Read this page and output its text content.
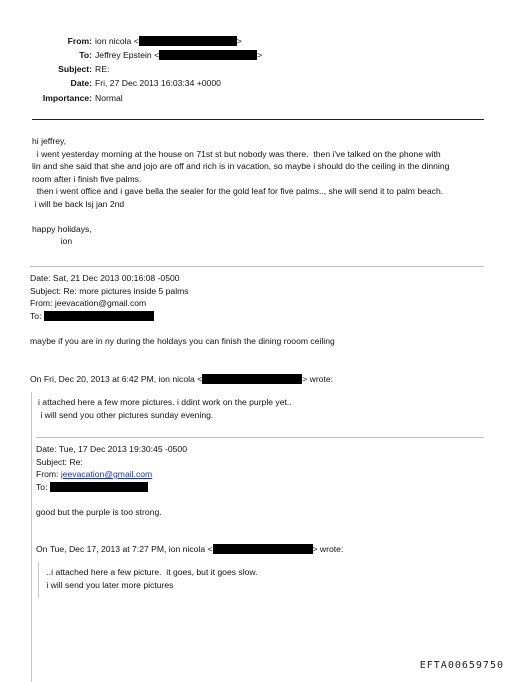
From: ion nicola <	>
To: Jeffrey Epstein <	>
Subject: RE:
Date: Fri, 27 Dec 2013 16:03:34 +0000
Importance: Normal
hi jeffrey,
i went yesterday morning at the house on 71st st but nobody was there.  then i've talked on the phone with
lin and she said that she and jojo are off and rich is in vacation, so maybe i should do the ceiling in the dinning
room after i finish five palms.
then i went office and i gave bella the sealer for the gold leaf for five palms.., she will send it to palm beach.
i will be back lsj jan 2nd
happy holidays,
ion
Date: Sat, 21 Dec 2013 00:16:08 -0500
Subject: Re: more pictures inside 5 palms
From: jeevacation@gmail.com
To:
maybe if you are in ny during the holdays you can finish the dining rooom ceiling
On Fri, Dec 20, 2013 at 6:42 PM, ion nicola <	> wrote:
i attached here a few more pictures. i ddint work on the purple yet..
i will send you other pictures sunday evening.
Date: Tue, 17 Dec 2013 19:30:45 -0500
Subject: Re:
From: jeevacation@gmail.com
To:
good but the purple is too strong.
On Tue, Dec 17, 2013 at 7:27 PM, ion nicola <	> wrote:
..i attached here a few picture.  it goes, but it goes slow.
i will send you later more pictures
EFTA00659750
